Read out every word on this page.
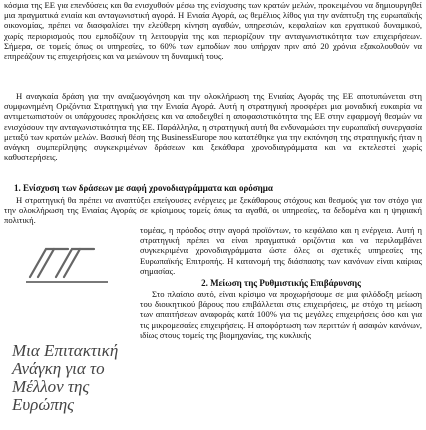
κόσμια της ΕΕ για επενδύσεις και θα ενισχυθούν μέσω της ενίσχυσης των κρατών μελών, προκειμένου να δημιουργηθεί μια πραγματικά ενιαία και ανταγωνιστική αγορά. Η Ενιαία Αγορά, ως θεμέλιος λίθος για την ανάπτυξη της ευρωπαϊκής οικονομίας, πρέπει να διασφαλίσει την ελεύθερη κίνηση αγαθών, υπηρεσιών, κεφαλαίων και εργατικού δυναμικού, χωρίς περιορισμούς που εμποδίζουν τη λειτουργία της και περιορίζουν την ανταγωνιστικότητα των επιχειρήσεων. Σήμερα, σε τομείς όπως οι υπηρεσίες, το 60% των εμποδίων που υπήρχαν πριν από 20 χρόνια εξακολουθούν να επηρεάζουν τις επιχειρήσεις και να μειώνουν τη δυναμική τους.

Η αναγκαία δράση για την αναζωογόνηση και την ολοκλήρωση της Ενιαίας Αγοράς της ΕΕ αποτυπώνεται στη συμφωνημένη Οριζόντια Στρατηγική για την Ενιαία Αγορά. Αυτή η στρατηγική προσφέρει μια μοναδική ευκαιρία να αντιμετωπιστούν οι υπάρχουσες προκλήσεις και να αποδειχθεί η αποφασιστικότητα της ΕΕ στην εφαρμογή θεσμών να ενισχύσουν την ανταγωνιστικότητα της ΕΕ. Παράλληλα, η στρατηγική αυτή θα ενδυναμώσει την ευρωπαϊκή συνεργασία μεταξύ των κρατών μελών. Βασική θέση της BusinessEurope που κατατέθηκε για την εκπόνηση της στρατηγικής ήταν η ανάγκη συμπερίληψης συγκεκριμένων δράσεων και ξεκάθαρα χρονοδιαγράμματα και να εκτελεστεί χωρίς καθυστερήσεις.

1. Ενίσχυση των δράσεων με σαφή χρονοδιαγράμματα και ορόσημα

Η στρατηγική θα πρέπει να αναπτύξει επείγουσες ενέργειες με ξεκάθαρους στόχους και θεσμούς για τον στόχο για την ολοκλήρωση της Ενιαίας Αγοράς σε κρίσιμους τομείς όπως τα αγαθά, οι υπηρεσίες, τα δεδομένα και η ψηφιακή πολιτική.

Μια Επιτακτική Ανάγκη για το Μέλλον της Ευρώπης

τομέας, η πρόοδος στην αγορά προϊόντων, το κεφάλαιο και η ενέργεια. Αυτή η στρατηγική πρέπει να είναι πραγματικά οριζόντια και να περιλαμβάνει συγκεκριμένα χρονοδιαγράμματα ώστε όλες οι σχετικές υπηρεσίες της Ευρωπαϊκής Επιτροπής. Η κατανομή της διάσπασης των κανόνων είναι καίριας σημασίας.

2. Μείωση της Ρυθμιστικής Επιβάρυνσης

Στο πλαίσιο αυτό, είναι κρίσιμο να προχωρήσουμε σε μια φιλόδοξη μείωση του διοικητικού βάρους που επιβάλλεται στις επιχειρήσεις, με στόχο τη μείωση των απαιτήσεων αναφοράς κατά 100% για τις μεγάλες επιχειρήσεις όσο και για τις μικρομεσαίες επιχειρήσεις. Η αποφόρτωση των περιττών ή ασαφών κανόνων, ιδίως στους τομείς της βιομηχανίας, της κυκλικής
